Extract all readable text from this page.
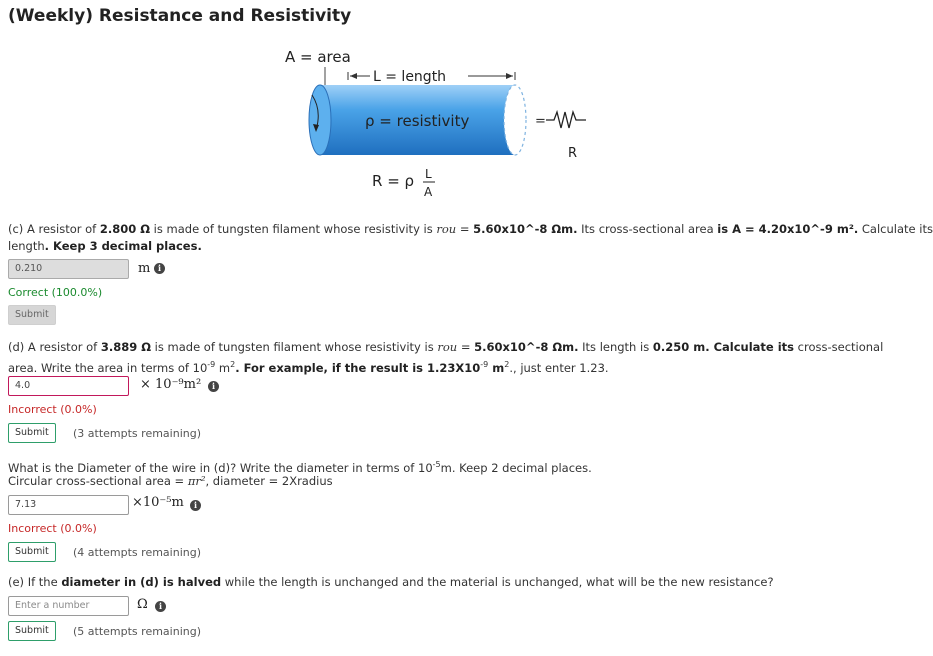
(Weekly) Resistance and Resistivity
A = area
L = length
ρ = resistivity	=
R
R = ρ L
A
(c) A resistor of 2.800 Ω is made of tungsten filament whose resistivity is rou = 5.60x10^-8 Ωm. Its cross-sectional area is A = 4.20x10^-9 m². Calculate its
length. Keep 3 decimal places.
0.210	m i
Correct (100.0%)
Submit
(d) A resistor of 3.889 Ω is made of tungsten filament whose resistivity is rou = 5.60x10^-8 Ωm. Its length is 0.250 m. Calculate its cross-sectional
area. Write the area in terms of $10^{-9}$ $m^2$. For example, if the result is $1.23X10^{-9}$ $m^2$., just enter 1.23.
4.0	× 10⁻⁹m²	i
Incorrect (0.0%)
Submit	(3 attempts remaining)
What is the Diameter of the wire in (d)? Write the diameter in terms of $10^{-5}m$. Keep 2 decimal places.
Circular cross-sectional area = πr², diameter = 2Xradius
7.13	×10⁻⁵m	i
Incorrect (0.0%)
Submit	(4 attempts remaining)
(e) If the diameter in (d) is halved while the length is unchanged and the material is unchanged, what will be the new resistance?
Enter a number	Ω	i
Submit	(5 attempts remaining)
